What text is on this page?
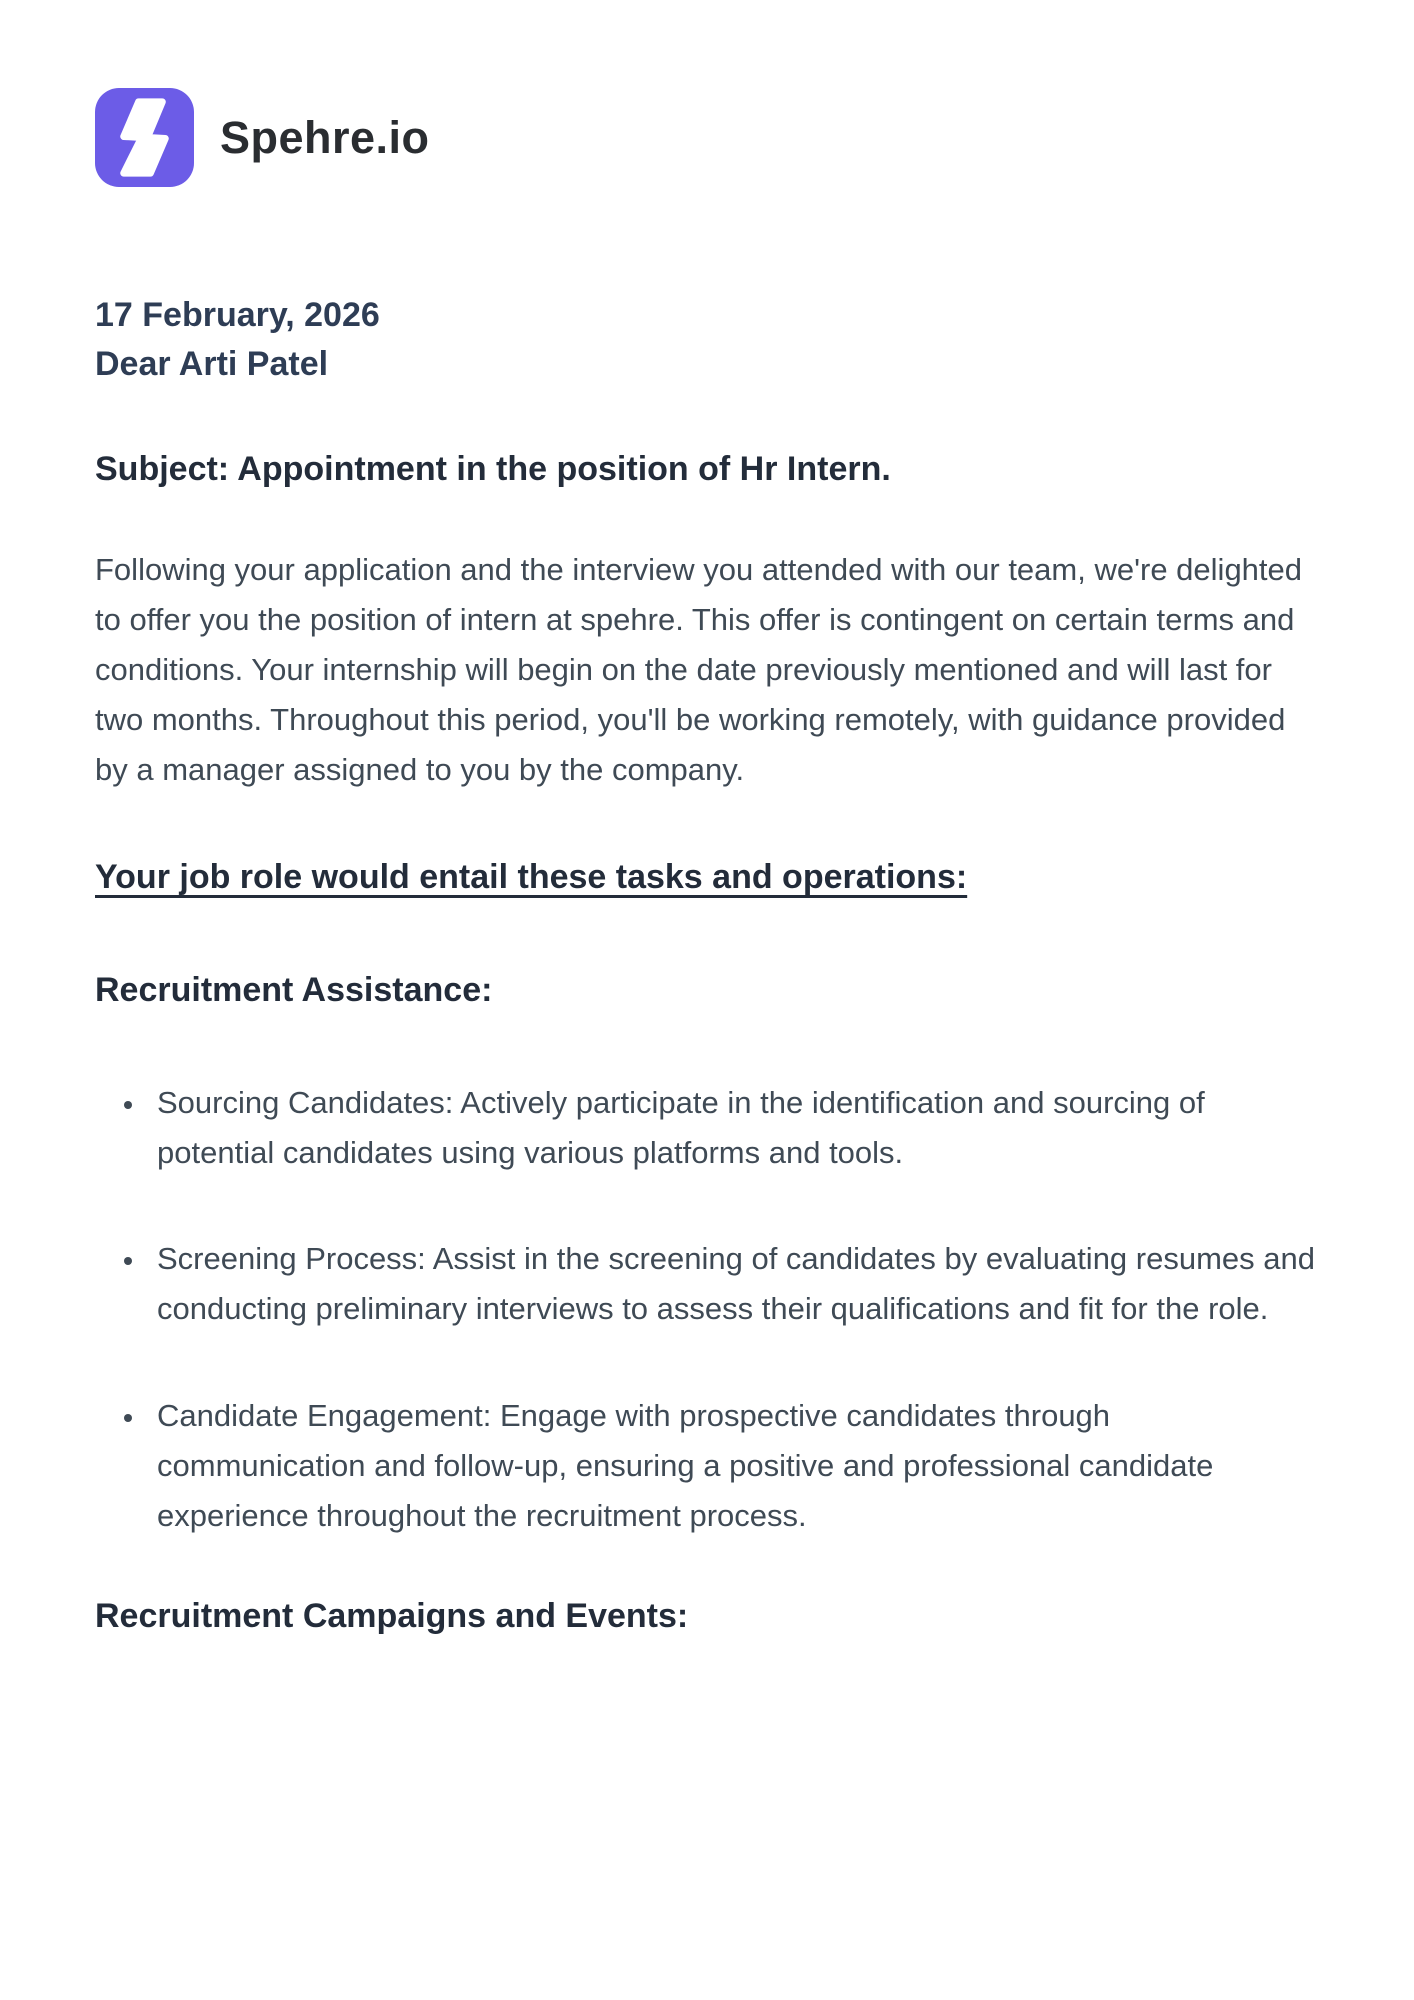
Spehre.io
17 February, 2026
Dear Arti Patel

Subject: Appointment in the position of Hr Intern.

Following your application and the interview you attended with our team, we're delighted to offer you the position of intern at spehre. This offer is contingent on certain terms and conditions. Your internship will begin on the date previously mentioned and will last for two months. Throughout this period, you'll be working remotely, with guidance provided by a manager assigned to you by the company.

Your job role would entail these tasks and operations:

Recruitment Assistance:
• Sourcing Candidates: Actively participate in the identification and sourcing of potential candidates using various platforms and tools.
• Screening Process: Assist in the screening of candidates by evaluating resumes and conducting preliminary interviews to assess their qualifications and fit for the role.
• Candidate Engagement: Engage with prospective candidates through communication and follow-up, ensuring a positive and professional candidate experience throughout the recruitment process.
Recruitment Campaigns and Events:
